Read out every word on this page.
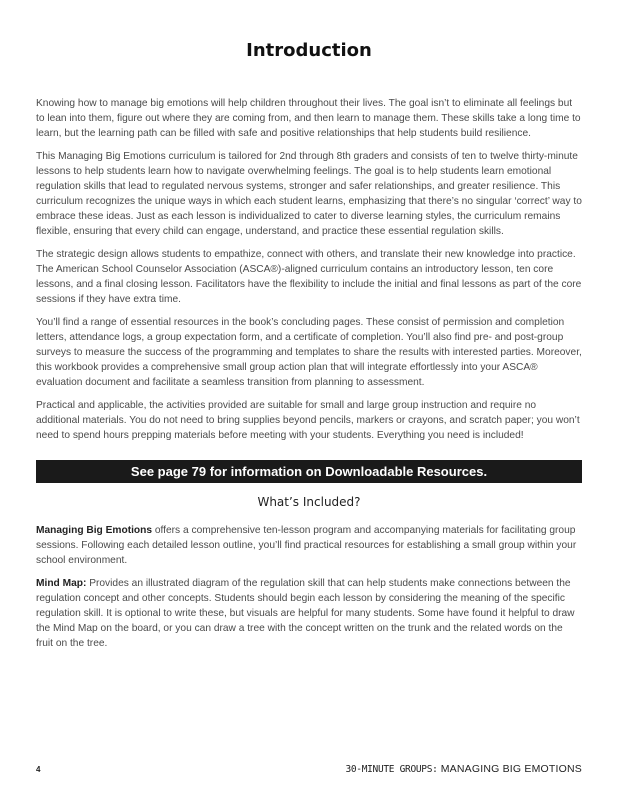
Introduction

Knowing how to manage big emotions will help children throughout their lives. The goal isn’t to eliminate all feelings but to lean into them, figure out where they are coming from, and then learn to manage them. These skills take a long time to learn, but the learning path can be filled with safe and positive relationships that help students build resilience.

This Managing Big Emotions curriculum is tailored for 2nd through 8th graders and consists of ten to twelve thirty-minute lessons to help students learn how to navigate overwhelming feelings. The goal is to help students learn emotional regulation skills that lead to regulated nervous systems, stronger and safer relationships, and greater resilience. This curriculum recognizes the unique ways in which each student learns, emphasizing that there’s no singular ‘correct’ way to embrace these ideas. Just as each lesson is individualized to cater to diverse learning styles, the curriculum remains flexible, ensuring that every child can engage, understand, and practice these essential regulation skills.

The strategic design allows students to empathize, connect with others, and translate their new knowledge into practice. The American School Counselor Association (ASCA®)-aligned curriculum contains an introductory lesson, ten core lessons, and a final closing lesson. Facilitators have the flexibility to include the initial and final lessons as part of the core sessions if they have extra time.

You’ll find a range of essential resources in the book’s concluding pages. These consist of permission and completion letters, attendance logs, a group expectation form, and a certificate of completion. You’ll also find pre- and post-group surveys to measure the success of the programming and templates to share the results with interested parties. Moreover, this workbook provides a comprehensive small group action plan that will integrate effortlessly into your ASCA® evaluation document and facilitate a seamless transition from planning to assessment.

Practical and applicable, the activities provided are suitable for small and large group instruction and require no additional materials. You do not need to bring supplies beyond pencils, markers or crayons, and scratch paper; you won’t need to spend hours prepping materials before meeting with your students. Everything you need is included!

See page 79 for information on Downloadable Resources.
What’s Included?

Managing Big Emotions offers a comprehensive ten-lesson program and accompanying materials for facilitating group sessions. Following each detailed lesson outline, you’ll find practical resources for establishing a small group within your school environment.

Mind Map: Provides an illustrated diagram of the regulation skill that can help students make connections between the regulation concept and other concepts. Students should begin each lesson by considering the meaning of the specific regulation skill. It is optional to write these, but visuals are helpful for many students. Some have found it helpful to draw the Mind Map on the board, or you can draw a tree with the concept written on the trunk and the related words on the fruit on the tree.

4	30-MINUTE GROUPS: MANAGING BIG EMOTIONS
